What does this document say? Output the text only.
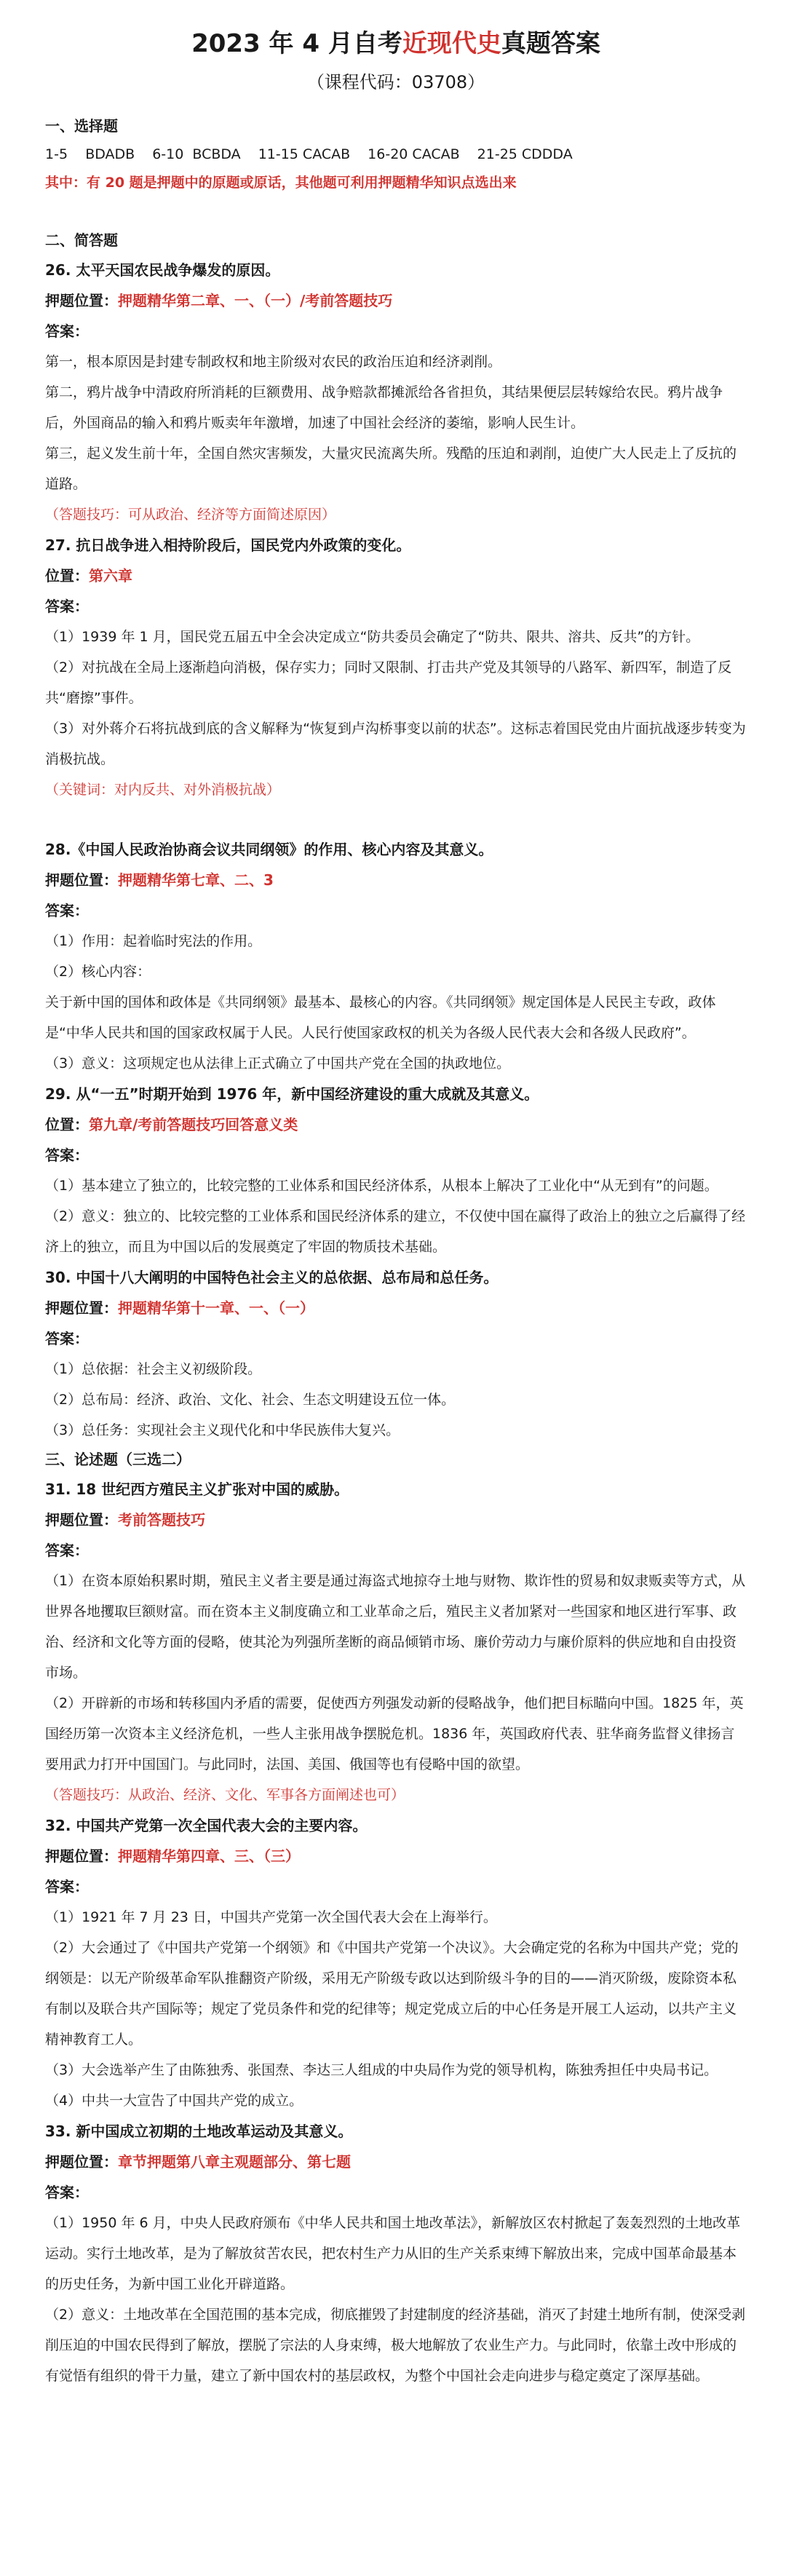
2023 年 4 月自考近现代史真题答案
（课程代码：03708）
一、选择题
1-5    BDADB 6-10  BCBDA 11-15 CACAB 16-20 CACAB 21-25 CDDDA
其中：有 20 题是押题中的原题或原话，其他题可利用押题精华知识点选出来
二、简答题
26. 太平天国农民战争爆发的原因。
押题位置：押题精华第二章、一、（一）/考前答题技巧
答案：
第一，根本原因是封建专制政权和地主阶级对农民的政治压迫和经济剥削。
第二，鸦片战争中清政府所消耗的巨额费用、战争赔款都摊派给各省担负，其结果便层层转嫁给农民。鸦片战争后，外国商品的输入和鸦片贩卖年年激增，加速了中国社会经济的萎缩，影响人民生计。
第三，起义发生前十年，全国自然灾害频发，大量灾民流离失所。残酷的压迫和剥削，迫使广大人民走上了反抗的道路。
（答题技巧：可从政治、经济等方面简述原因）
27. 抗日战争进入相持阶段后，国民党内外政策的变化。
位置：第六章
答案：
（1）1939 年 1 月，国民党五届五中全会决定成立“防共委员会确定了“防共、限共、溶共、反共”的方针。
（2）对抗战在全局上逐渐趋向消极，保存实力；同时又限制、打击共产党及其领导的八路军、新四军，制造了反共“磨擦”事件。
（3）对外蒋介石将抗战到底的含义解释为“恢复到卢沟桥事变以前的状态”。这标志着国民党由片面抗战逐步转变为消极抗战。
（关键词：对内反共、对外消极抗战）
28.《中国人民政治协商会议共同纲领》的作用、核心内容及其意义。
押题位置：押题精华第七章、二、3
答案：
（1）作用：起着临时宪法的作用。
（2）核心内容：
关于新中国的国体和政体是《共同纲领》最基本、最核心的内容。《共同纲领》规定国体是人民民主专政，政体是“中华人民共和国的国家政权属于人民。人民行使国家政权的机关为各级人民代表大会和各级人民政府”。
（3）意义：这项规定也从法律上正式确立了中国共产党在全国的执政地位。
29. 从“一五”时期开始到 1976 年，新中国经济建设的重大成就及其意义。
位置：第九章/考前答题技巧回答意义类
答案：
（1）基本建立了独立的，比较完整的工业体系和国民经济体系，从根本上解决了工业化中“从无到有”的问题。
（2）意义：独立的、比较完整的工业体系和国民经济体系的建立，不仅使中国在赢得了政治上的独立之后赢得了经济上的独立，而且为中国以后的发展奠定了牢固的物质技术基础。
30. 中国十八大阐明的中国特色社会主义的总依据、总布局和总任务。
押题位置：押题精华第十一章、一、（一）
答案：
（1）总依据：社会主义初级阶段。
（2）总布局：经济、政治、文化、社会、生态文明建设五位一体。
（3）总任务：实现社会主义现代化和中华民族伟大复兴。
三、论述题（三选二）
31. 18 世纪西方殖民主义扩张对中国的威胁。
押题位置：考前答题技巧
答案：
（1）在资本原始积累时期，殖民主义者主要是通过海盗式地掠夺土地与财物、欺诈性的贸易和奴隶贩卖等方式，从世界各地攫取巨额财富。而在资本主义制度确立和工业革命之后，殖民主义者加紧对一些国家和地区进行军事、政治、经济和文化等方面的侵略，使其沦为列强所垄断的商品倾销市场、廉价劳动力与廉价原料的供应地和自由投资市场。
（2）开辟新的市场和转移国内矛盾的需要，促使西方列强发动新的侵略战争，他们把目标瞄向中国。1825 年，英国经历第一次资本主义经济危机，一些人主张用战争摆脱危机。1836 年，英国政府代表、驻华商务监督义律扬言要用武力打开中国国门。与此同时，法国、美国、俄国等也有侵略中国的欲望。
（答题技巧：从政治、经济、文化、军事各方面阐述也可）
32. 中国共产党第一次全国代表大会的主要内容。
押题位置：押题精华第四章、三、（三）
答案：
（1）1921 年 7 月 23 日，中国共产党第一次全国代表大会在上海举行。
（2）大会通过了《中国共产党第一个纲领》和《中国共产党第一个决议》。大会确定党的名称为中国共产党；党的纲领是：以无产阶级革命军队推翻资产阶级，采用无产阶级专政以达到阶级斗争的目的——消灭阶级，废除资本私有制以及联合共产国际等；规定了党员条件和党的纪律等；规定党成立后的中心任务是开展工人运动，以共产主义精神教育工人。
（3）大会选举产生了由陈独秀、张国焘、李达三人组成的中央局作为党的领导机构，陈独秀担任中央局书记。
（4）中共一大宣告了中国共产党的成立。
33. 新中国成立初期的土地改革运动及其意义。
押题位置：章节押题第八章主观题部分、第七题
答案：
（1）1950 年 6 月，中央人民政府颁布《中华人民共和国土地改革法》，新解放区农村掀起了轰轰烈烈的土地改革运动。实行土地改革，是为了解放贫苦农民，把农村生产力从旧的生产关系束缚下解放出来，完成中国革命最基本的历史任务，为新中国工业化开辟道路。
（2）意义：土地改革在全国范围的基本完成，彻底摧毁了封建制度的经济基础，消灭了封建土地所有制，使深受剥削压迫的中国农民得到了解放，摆脱了宗法的人身束缚，极大地解放了农业生产力。与此同时，依靠土改中形成的有觉悟有组织的骨干力量，建立了新中国农村的基层政权，为整个中国社会走向进步与稳定奠定了深厚基础。
